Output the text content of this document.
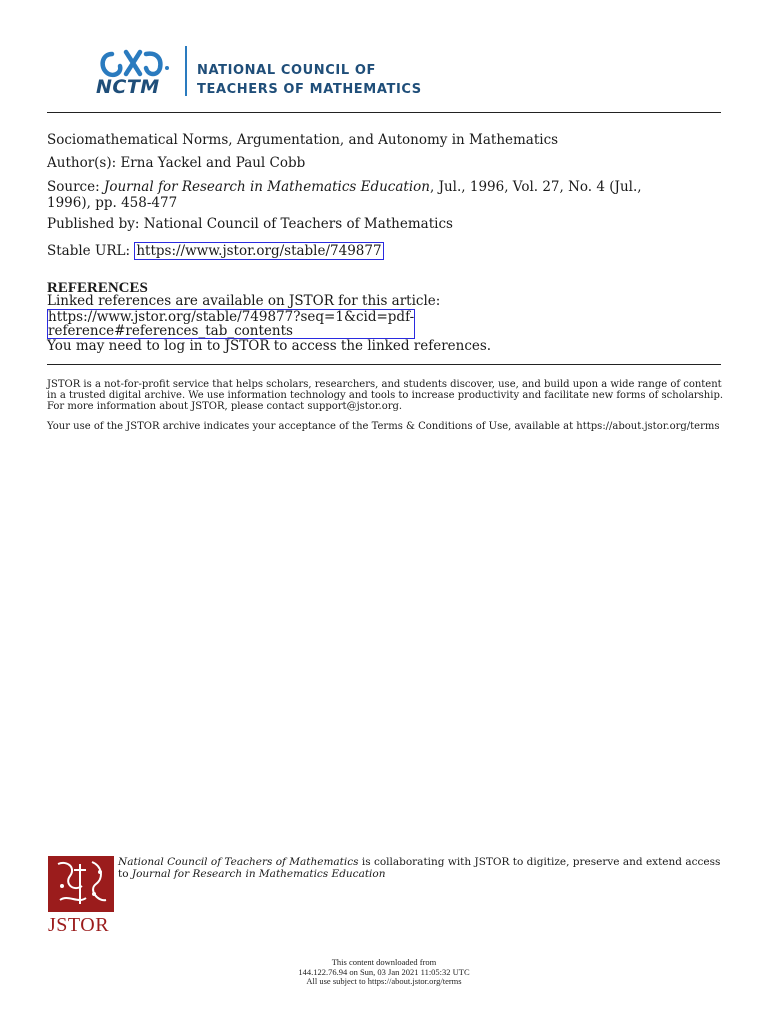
NCTM
NATIONAL COUNCIL OF
TEACHERS OF MATHEMATICS
Sociomathematical Norms, Argumentation, and Autonomy in Mathematics
Author(s): Erna Yackel and Paul Cobb
Source: Journal for Research in Mathematics Education, Jul., 1996, Vol. 27, No. 4 (Jul.,
1996), pp. 458-477
Published by: National Council of Teachers of Mathematics
Stable URL: https://www.jstor.org/stable/749877
REFERENCES
Linked references are available on JSTOR for this article:
https://www.jstor.org/stable/749877?seq=1&cid=pdf-
reference#references_tab_contents
You may need to log in to JSTOR to access the linked references.
JSTOR is a not-for-profit service that helps scholars, researchers, and students discover, use, and build upon a wide range of content in a trusted digital archive. We use information technology and tools to increase productivity and facilitate new forms of scholarship. For more information about JSTOR, please contact support@jstor.org.
Your use of the JSTOR archive indicates your acceptance of the Terms & Conditions of Use, available at https://about.jstor.org/terms
JSTOR
National Council of Teachers of Mathematics is collaborating with JSTOR to digitize, preserve and extend access to Journal for Research in Mathematics Education
This content downloaded from
144.122.76.94 on Sun, 03 Jan 2021 11:05:32 UTC
All use subject to https://about.jstor.org/terms
